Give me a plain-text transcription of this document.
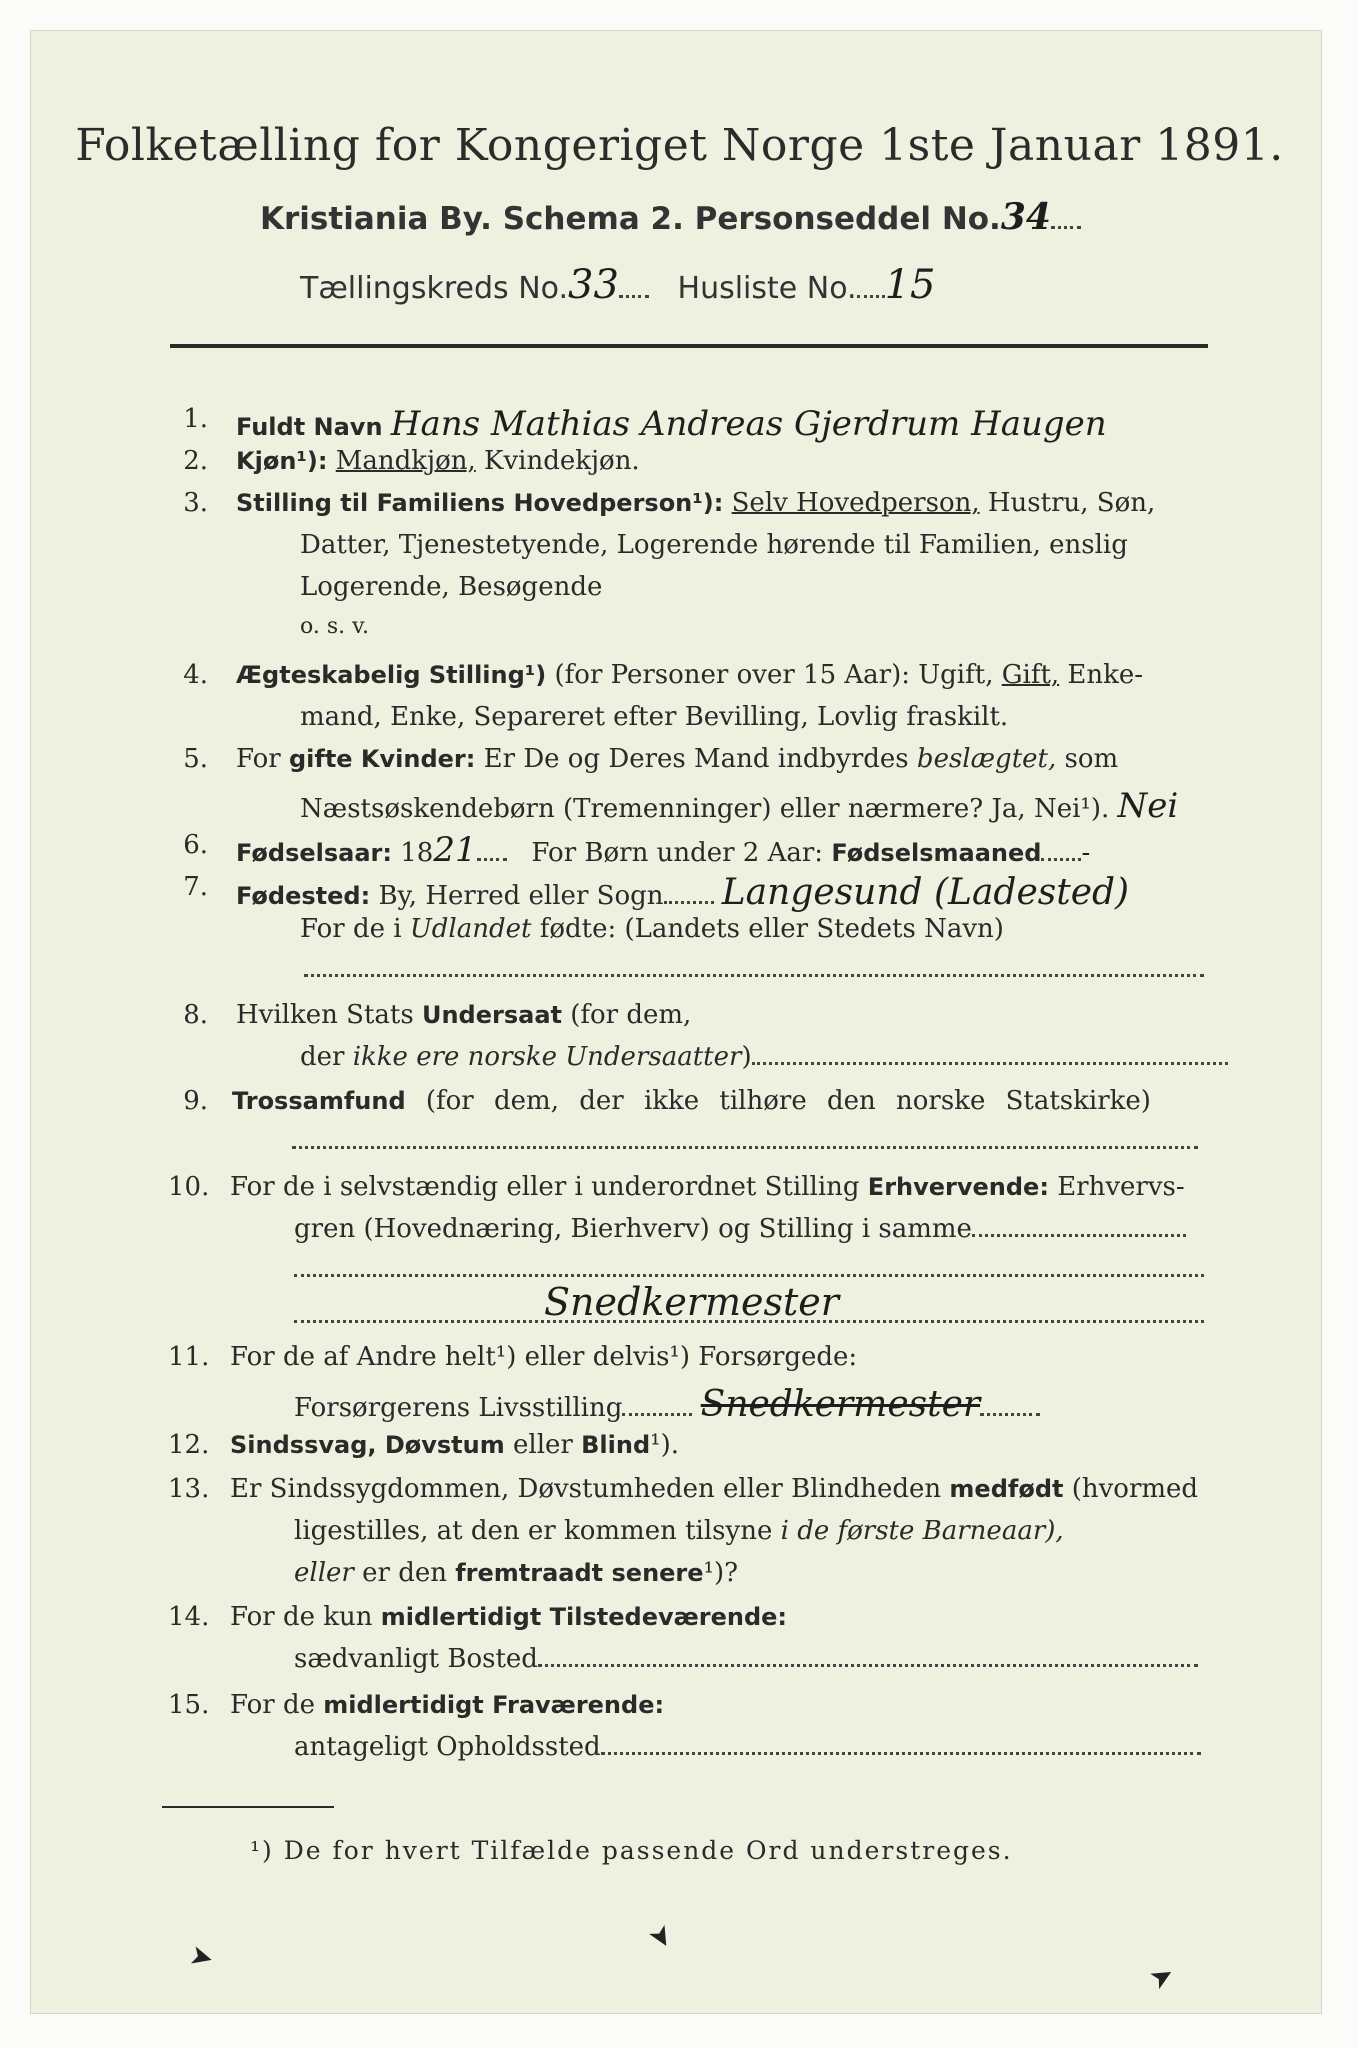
Folketælling for Kongeriget Norge 1ste Januar 1891.
Kristiania By. Schema 2. Personseddel No.34
Tællingskreds No.33 Husliste No. 15
1. Fuldt Navn Hans Mathias Andreas Gjerdrum Haugen
2. Kjøn¹): Mandkjøn, Kvindekjøn.
3. Stilling til Familiens Hovedperson¹): Selv Hovedperson, Hustru, Søn,
Datter, Tjenestetyende, Logerende hørende til Familien, enslig
Logerende, Besøgende
o. s. v.
4. Ægteskabelig Stilling¹) (for Personer over 15 Aar): Ugift, Gift, Enke-
mand, Enke, Separeret efter Bevilling, Lovlig fraskilt.
5. For gifte Kvinder: Er De og Deres Mand indbyrdes beslægtet, som
Næstsøskendebørn (Tremenninger) eller nærmere? Ja, Nei¹). Nei
6. Fødselsaar: 1821 For Børn under 2 Aar: Fødselsmaaned -
7. Fødested: By, Herred eller Sogn Langesund (Ladested)
For de i Udlandet fødte: (Landets eller Stedets Navn)
8. Hvilken Stats Undersaat (for dem,
der ikke ere norske Undersaatter)
9. Trossamfund (for dem, der ikke tilhøre den norske Statskirke)
10. For de i selvstændig eller i underordnet Stilling Erhvervende: Erhvervs-
gren (Hovednæring, Bierhverv) og Stilling i samme
Snedkermester
11. For de af Andre helt¹) eller delvis¹) Forsørgede:
Forsørgerens Livsstilling Snedkermester
12. Sindssvag, Døvstum eller Blind¹).
13. Er Sindssygdommen, Døvstumheden eller Blindheden medfødt (hvormed
ligestilles, at den er kommen tilsyne i de første Barneaar),
eller er den fremtraadt senere¹)?
14. For de kun midlertidigt Tilstedeværende:
sædvanligt Bosted
15. For de midlertidigt Fraværende:
antageligt Opholdssted
¹) De for hvert Tilfælde passende Ord understreges.
➤
➤
➤
